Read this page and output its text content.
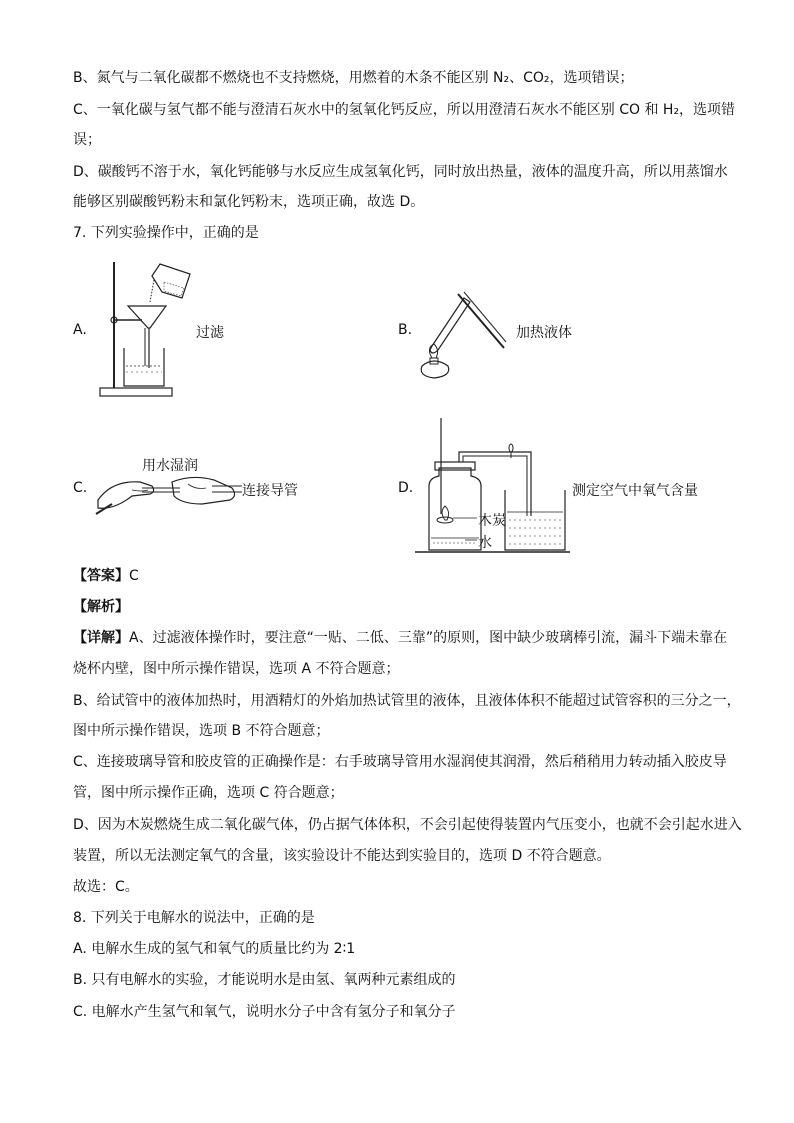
B、氮气与二氧化碳都不燃烧也不支持燃烧，用燃着的木条不能区别 N₂、CO₂，选项错误；
C、一氧化碳与氢气都不能与澄清石灰水中的氢氧化钙反应，所以用澄清石灰水不能区别 CO 和 H₂，选项错
误；
D、碳酸钙不溶于水，氧化钙能够与水反应生成氢氧化钙，同时放出热量，液体的温度升高，所以用蒸馏水
能够区别碳酸钙粉末和氯化钙粉末，选项正确，故选 D。
7. 下列实验操作中，正确的是
A.	过滤	B.	加热液体
C.
用水湿润
连接导管	D.
木炭
水
测定空气中氧气含量
【答案】C
【解析】
【详解】A、过滤液体操作时，要注意“一贴、二低、三靠”的原则，图中缺少玻璃棒引流，漏斗下端未靠在
烧杯内壁，图中所示操作错误，选项 A 不符合题意；
B、给试管中的液体加热时，用酒精灯的外焰加热试管里的液体，且液体体积不能超过试管容积的三分之一，
图中所示操作错误，选项 B 不符合题意；
C、连接玻璃导管和胶皮管的正确操作是：右手玻璃导管用水湿润使其润滑，然后稍稍用力转动插入胶皮导
管，图中所示操作正确，选项 C 符合题意；
D、因为木炭燃烧生成二氧化碳气体，仍占据气体体积，不会引起使得装置内气压变小，也就不会引起水进入
装置，所以无法测定氧气的含量，该实验设计不能达到实验目的，选项 D 不符合题意。
故选：C。
8. 下列关于电解水的说法中，正确的是
A. 电解水生成的氢气和氧气的质量比约为 2∶1
B. 只有电解水的实验，才能说明水是由氢、氧两种元素组成的
C. 电解水产生氢气和氧气，说明水分子中含有氢分子和氧分子
